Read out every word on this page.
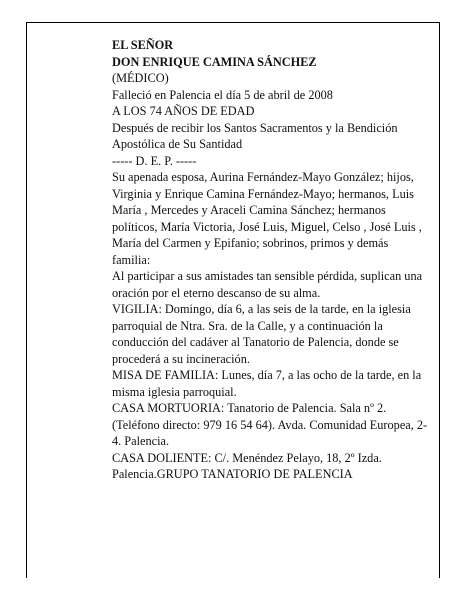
EL SEÑOR

DON ENRIQUE CAMINA SÁNCHEZ

(MÉDICO)

Falleció en Palencia el día 5 de abril de 2008

A LOS 74 AÑOS DE EDAD

Después de recibir los Santos Sacramentos y la Bendición Apostólica de Su Santidad

----- D. E. P. -----

Su apenada esposa, Aurina Fernández-Mayo González; hijos, Virginia y Enrique Camina Fernández-Mayo; hermanos, Luis María , Mercedes y Araceli Camina Sánchez; hermanos políticos, María Victoria, José Luis, Miguel, Celso , José Luis , María del Carmen y Epifanio; sobrinos, primos y demás familia:

Al participar a sus amistades tan sensible pérdida, suplican una oración por el eterno descanso de su alma.

VIGILIA: Domingo, día 6, a las seis de la tarde, en la iglesia parroquial de Ntra. Sra. de la Calle, y a continuación la conducción del cadáver al Tanatorio de Palencia, donde se procederá a su incineración.

MISA DE FAMILIA: Lunes, día 7, a las ocho de la tarde, en la misma iglesia parroquial.

CASA MORTUORIA: Tanatorio de Palencia. Sala nº 2. (Teléfono directo: 979 16 54 64). Avda. Comunidad Europea, 2-4. Palencia.

CASA DOLIENTE: C/. Menéndez Pelayo, 18, 2º Izda. Palencia.GRUPO TANATORIO DE PALENCIA
